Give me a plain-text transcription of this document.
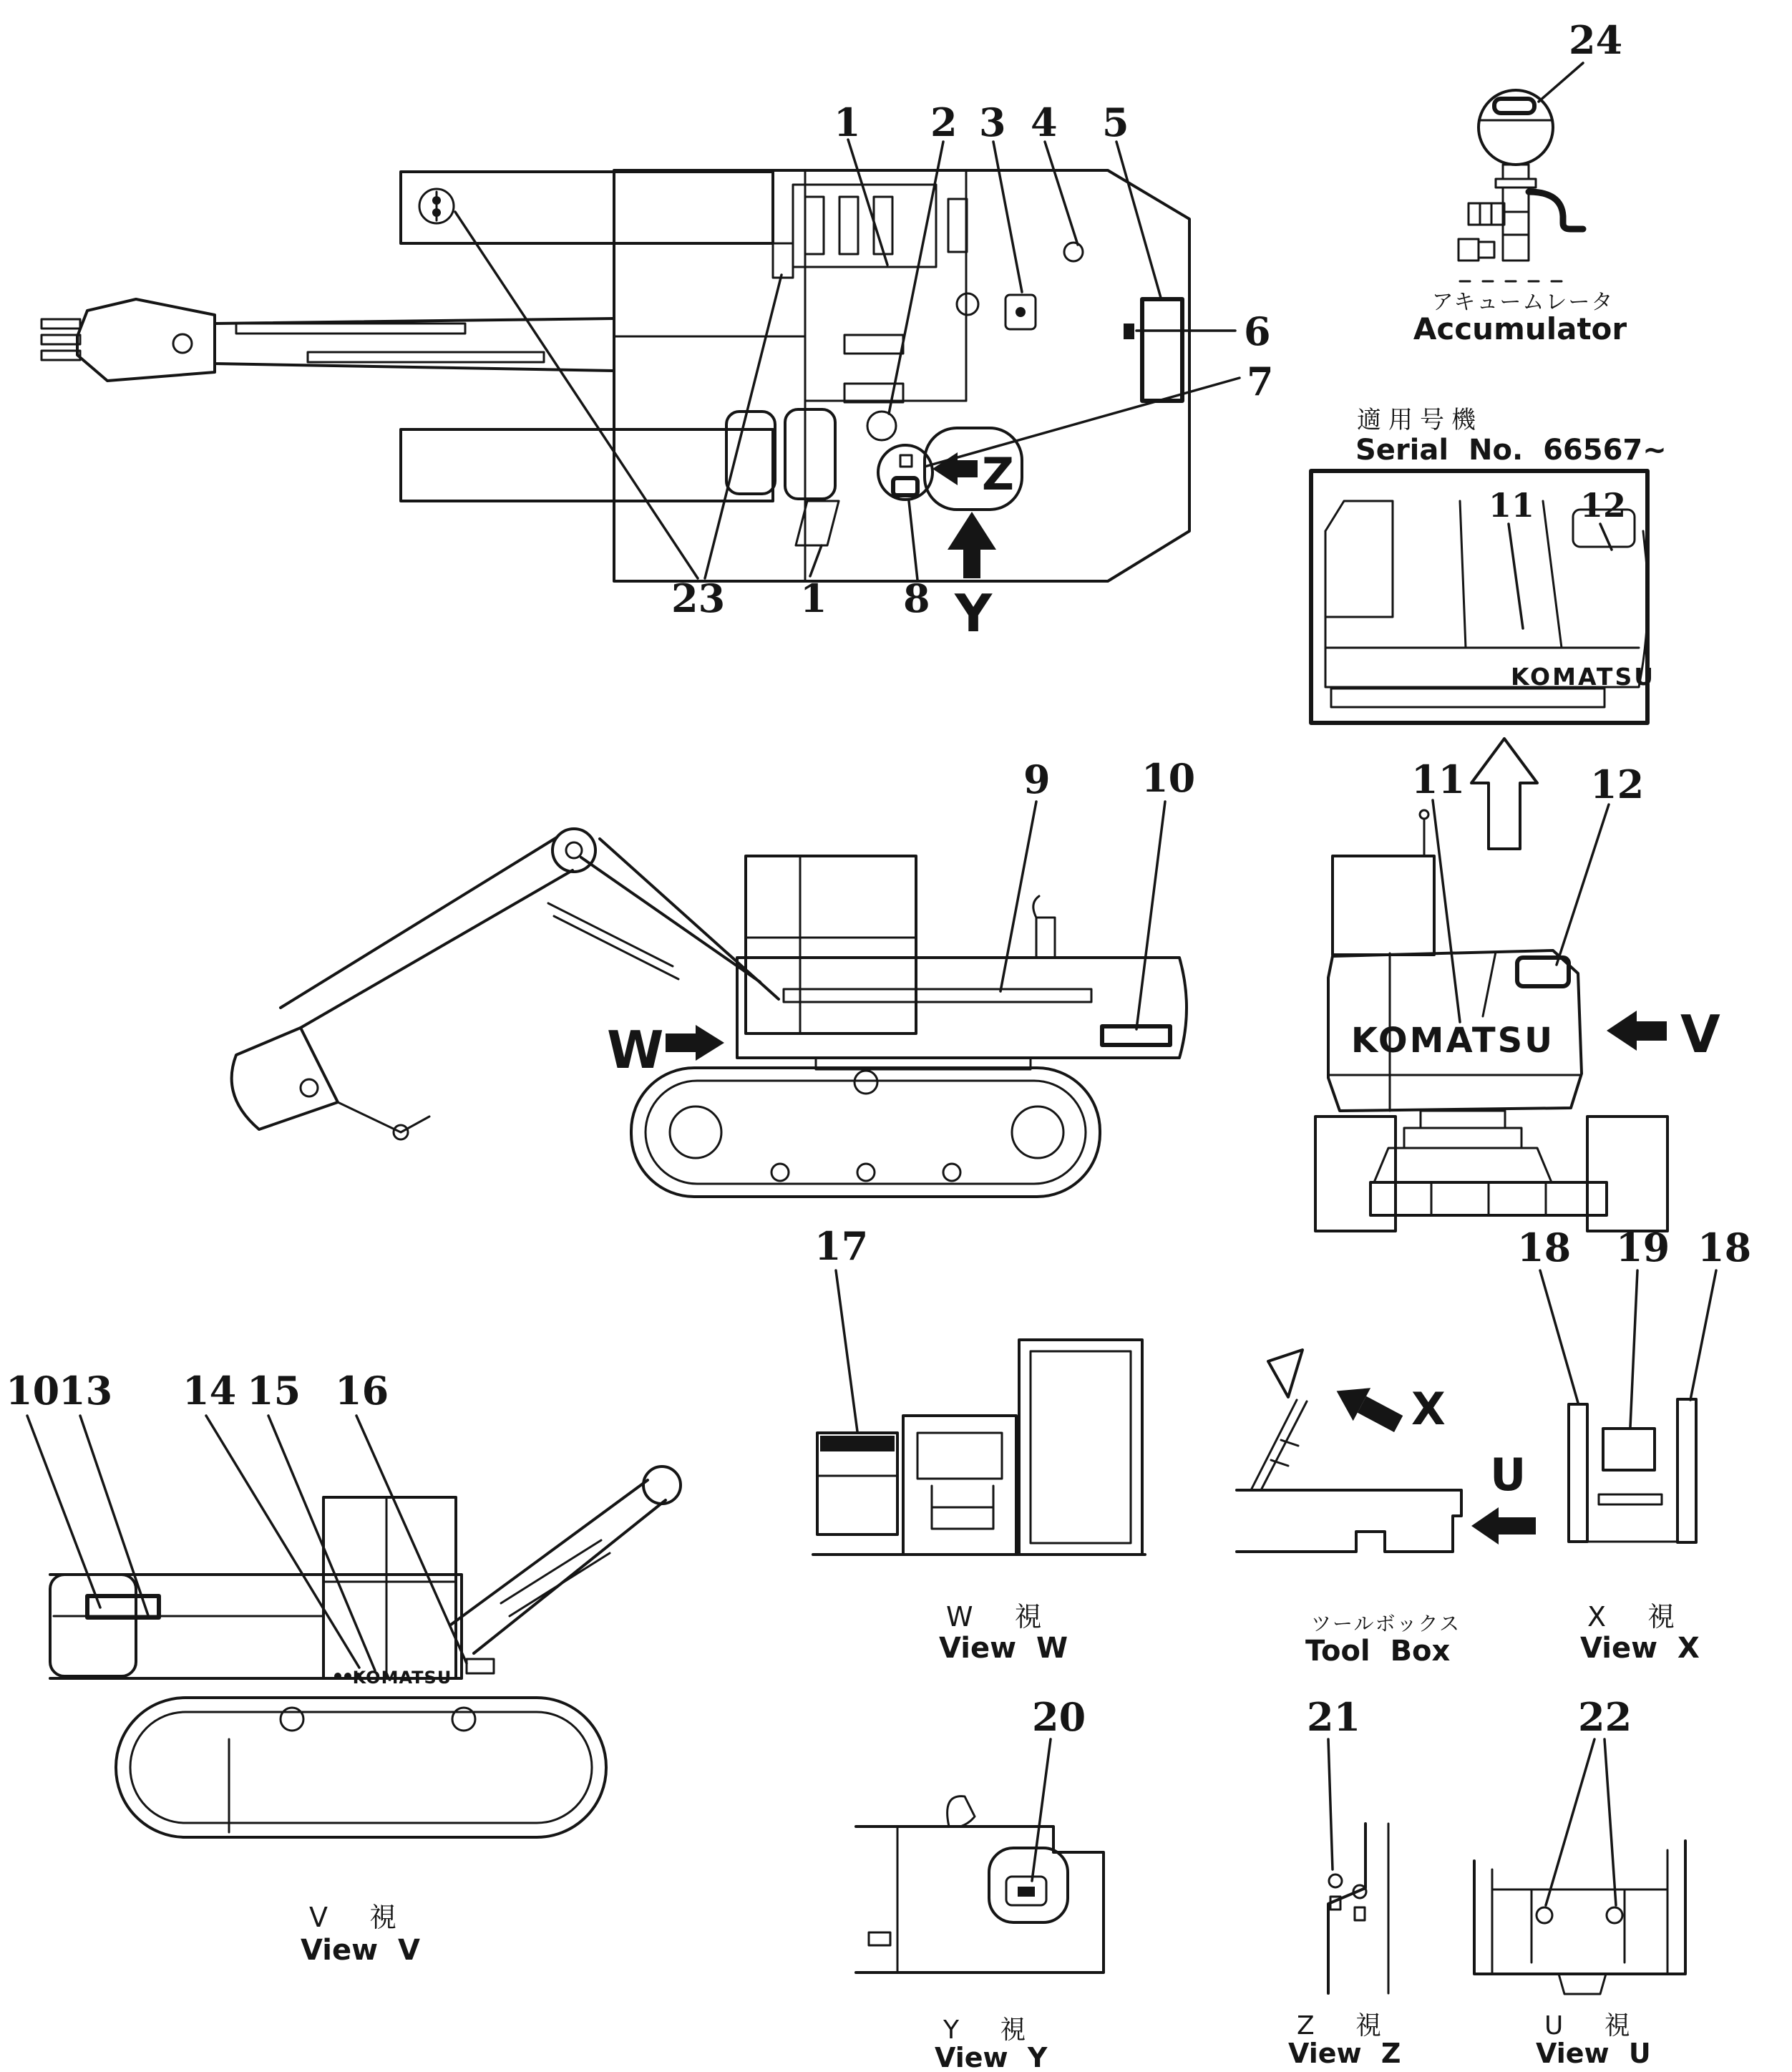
Z
Y
1 2 3 4 5
6
7
23 1 8
24
アキュームレータ
Accumulator
適用号機
Serial No. 66567~
11 12
KOMATSU
W
9 10	11	12
KOMATSU V
10
13 14 15 16
KOMATSU
V 視
View V
17
W 視
View W
X
U
ツールボックス
Tool Box
18 19 18
X 視
View X
20
Y 視
View Y
21
Z 視
View Z
22
U 視
View U
